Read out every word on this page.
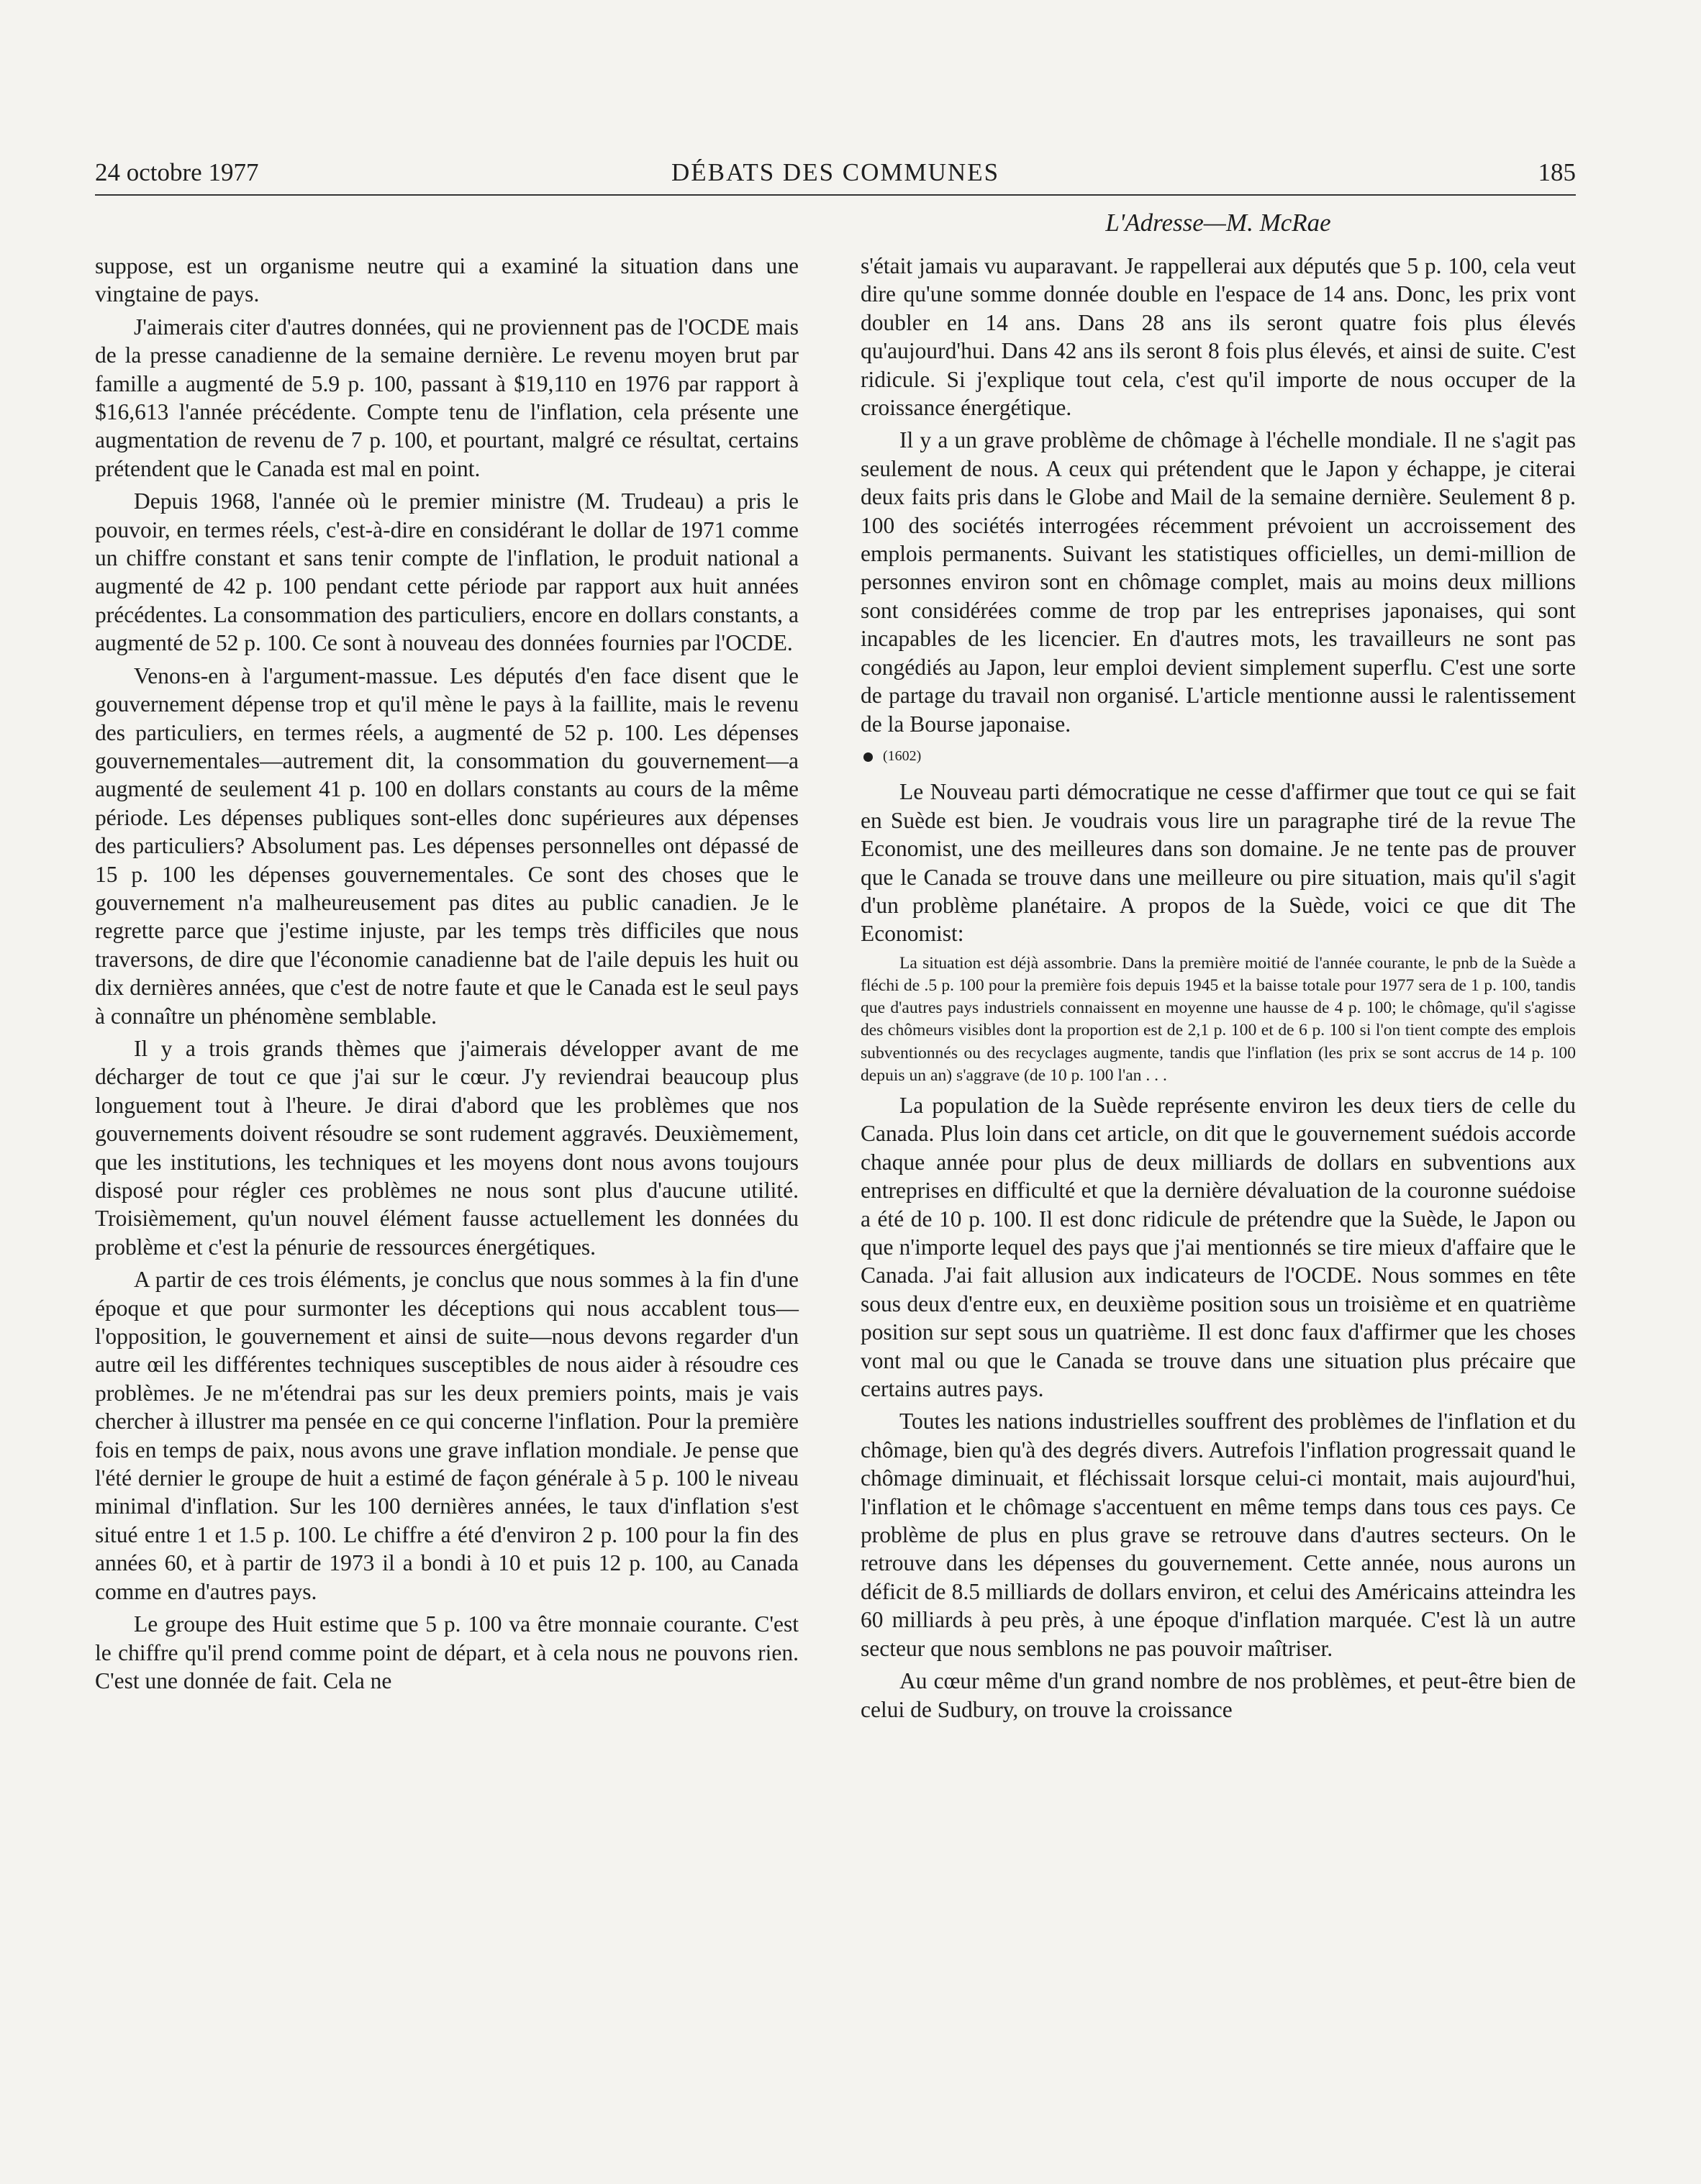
24 octobre 1977	DÉBATS DES COMMUNES	185
L'Adresse—M. McRae

suppose, est un organisme neutre qui a examiné la situation dans une vingtaine de pays.

J'aimerais citer d'autres données, qui ne proviennent pas de l'OCDE mais de la presse canadienne de la semaine dernière. Le revenu moyen brut par famille a augmenté de 5.9 p. 100, passant à $19,110 en 1976 par rapport à $16,613 l'année précédente. Compte tenu de l'inflation, cela présente une augmentation de revenu de 7 p. 100, et pourtant, malgré ce résultat, certains prétendent que le Canada est mal en point.

Depuis 1968, l'année où le premier ministre (M. Trudeau) a pris le pouvoir, en termes réels, c'est-à-dire en considérant le dollar de 1971 comme un chiffre constant et sans tenir compte de l'inflation, le produit national a augmenté de 42 p. 100 pendant cette période par rapport aux huit années précédentes. La consommation des particuliers, encore en dollars constants, a augmenté de 52 p. 100. Ce sont à nouveau des données fournies par l'OCDE.

Venons-en à l'argument-massue. Les députés d'en face disent que le gouvernement dépense trop et qu'il mène le pays à la faillite, mais le revenu des particuliers, en termes réels, a augmenté de 52 p. 100. Les dépenses gouvernementales—autrement dit, la consommation du gouvernement—a augmenté de seulement 41 p. 100 en dollars constants au cours de la même période. Les dépenses publiques sont-elles donc supérieures aux dépenses des particuliers? Absolument pas. Les dépenses personnelles ont dépassé de 15 p. 100 les dépenses gouvernementales. Ce sont des choses que le gouvernement n'a malheureusement pas dites au public canadien. Je le regrette parce que j'estime injuste, par les temps très difficiles que nous traversons, de dire que l'économie canadienne bat de l'aile depuis les huit ou dix dernières années, que c'est de notre faute et que le Canada est le seul pays à connaître un phénomène semblable.

Il y a trois grands thèmes que j'aimerais développer avant de me décharger de tout ce que j'ai sur le cœur. J'y reviendrai beaucoup plus longuement tout à l'heure. Je dirai d'abord que les problèmes que nos gouvernements doivent résoudre se sont rudement aggravés. Deuxièmement, que les institutions, les techniques et les moyens dont nous avons toujours disposé pour régler ces problèmes ne nous sont plus d'aucune utilité. Troisièmement, qu'un nouvel élément fausse actuellement les données du problème et c'est la pénurie de ressources énergétiques.

A partir de ces trois éléments, je conclus que nous sommes à la fin d'une époque et que pour surmonter les déceptions qui nous accablent tous—l'opposition, le gouvernement et ainsi de suite—nous devons regarder d'un autre œil les différentes techniques susceptibles de nous aider à résoudre ces problèmes. Je ne m'étendrai pas sur les deux premiers points, mais je vais chercher à illustrer ma pensée en ce qui concerne l'inflation. Pour la première fois en temps de paix, nous avons une grave inflation mondiale. Je pense que l'été dernier le groupe de huit a estimé de façon générale à 5 p. 100 le niveau minimal d'inflation. Sur les 100 dernières années, le taux d'inflation s'est situé entre 1 et 1.5 p. 100. Le chiffre a été d'environ 2 p. 100 pour la fin des années 60, et à partir de 1973 il a bondi à 10 et puis 12 p. 100, au Canada comme en d'autres pays.

Le groupe des Huit estime que 5 p. 100 va être monnaie courante. C'est le chiffre qu'il prend comme point de départ, et à cela nous ne pouvons rien. C'est une donnée de fait. Cela ne

s'était jamais vu auparavant. Je rappellerai aux députés que 5 p. 100, cela veut dire qu'une somme donnée double en l'espace de 14 ans. Donc, les prix vont doubler en 14 ans. Dans 28 ans ils seront quatre fois plus élevés qu'aujourd'hui. Dans 42 ans ils seront 8 fois plus élevés, et ainsi de suite. C'est ridicule. Si j'explique tout cela, c'est qu'il importe de nous occuper de la croissance énergétique.

Il y a un grave problème de chômage à l'échelle mondiale. Il ne s'agit pas seulement de nous. A ceux qui prétendent que le Japon y échappe, je citerai deux faits pris dans le Globe and Mail de la semaine dernière. Seulement 8 p. 100 des sociétés interrogées récemment prévoient un accroissement des emplois permanents. Suivant les statistiques officielles, un demi-million de personnes environ sont en chômage complet, mais au moins deux millions sont considérées comme de trop par les entreprises japonaises, qui sont incapables de les licencier. En d'autres mots, les travailleurs ne sont pas congédiés au Japon, leur emploi devient simplement superflu. C'est une sorte de partage du travail non organisé. L'article mentionne aussi le ralentissement de la Bourse japonaise.

(1602)

Le Nouveau parti démocratique ne cesse d'affirmer que tout ce qui se fait en Suède est bien. Je voudrais vous lire un paragraphe tiré de la revue The Economist, une des meilleures dans son domaine. Je ne tente pas de prouver que le Canada se trouve dans une meilleure ou pire situation, mais qu'il s'agit d'un problème planétaire. A propos de la Suède, voici ce que dit The Economist:

La situation est déjà assombrie. Dans la première moitié de l'année courante, le pnb de la Suède a fléchi de .5 p. 100 pour la première fois depuis 1945 et la baisse totale pour 1977 sera de 1 p. 100, tandis que d'autres pays industriels connaissent en moyenne une hausse de 4 p. 100; le chômage, qu'il s'agisse des chômeurs visibles dont la proportion est de 2,1 p. 100 et de 6 p. 100 si l'on tient compte des emplois subventionnés ou des recyclages augmente, tandis que l'inflation (les prix se sont accrus de 14 p. 100 depuis un an) s'aggrave (de 10 p. 100 l'an . . .

La population de la Suède représente environ les deux tiers de celle du Canada. Plus loin dans cet article, on dit que le gouvernement suédois accorde chaque année pour plus de deux milliards de dollars en subventions aux entreprises en difficulté et que la dernière dévaluation de la couronne suédoise a été de 10 p. 100. Il est donc ridicule de prétendre que la Suède, le Japon ou que n'importe lequel des pays que j'ai mentionnés se tire mieux d'affaire que le Canada. J'ai fait allusion aux indicateurs de l'OCDE. Nous sommes en tête sous deux d'entre eux, en deuxième position sous un troisième et en quatrième position sur sept sous un quatrième. Il est donc faux d'affirmer que les choses vont mal ou que le Canada se trouve dans une situation plus précaire que certains autres pays.

Toutes les nations industrielles souffrent des problèmes de l'inflation et du chômage, bien qu'à des degrés divers. Autrefois l'inflation progressait quand le chômage diminuait, et fléchissait lorsque celui-ci montait, mais aujourd'hui, l'inflation et le chômage s'accentuent en même temps dans tous ces pays. Ce problème de plus en plus grave se retrouve dans d'autres secteurs. On le retrouve dans les dépenses du gouvernement. Cette année, nous aurons un déficit de 8.5 milliards de dollars environ, et celui des Américains atteindra les 60 milliards à peu près, à une époque d'inflation marquée. C'est là un autre secteur que nous semblons ne pas pouvoir maîtriser.

Au cœur même d'un grand nombre de nos problèmes, et peut-être bien de celui de Sudbury, on trouve la croissance
